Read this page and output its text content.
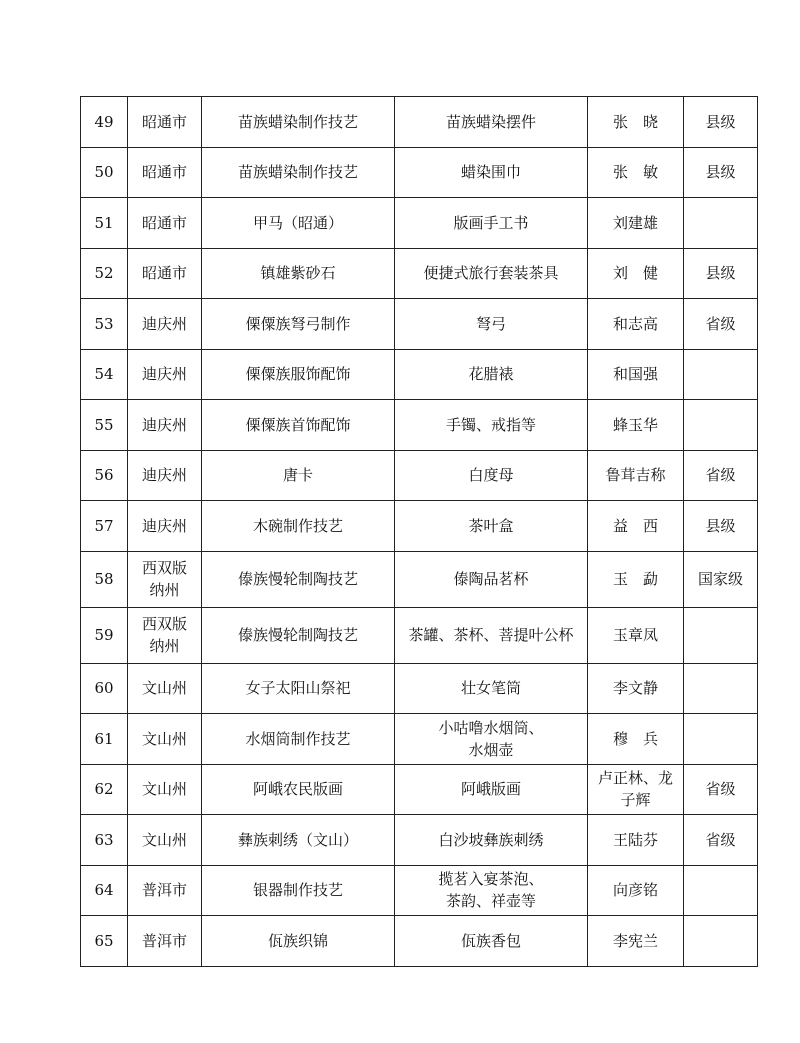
49	昭通市	苗族蜡染制作技艺	苗族蜡染摆件	张　晓	县级
50	昭通市	苗族蜡染制作技艺	蜡染围巾	张　敏	县级
51	昭通市	甲马（昭通）	版画手工书	刘建雄	
52	昭通市	镇雄紫砂石	便捷式旅行套装茶具	刘　健	县级
53	迪庆州	傈僳族弩弓制作	弩弓	和志高	省级
54	迪庆州	傈僳族服饰配饰	花腊裱	和国强	
55	迪庆州	傈僳族首饰配饰	手镯、戒指等	蜂玉华	
56	迪庆州	唐卡	白度母	鲁茸吉称	省级
57	迪庆州	木碗制作技艺	茶叶盒	益　西	县级
58	西双版
纳州	傣族慢轮制陶技艺	傣陶品茗杯	玉　勐	国家级
59	西双版
纳州	傣族慢轮制陶技艺	茶罐、茶杯、菩提叶公杯	玉章凤	
60	文山州	女子太阳山祭祀	壮女笔筒	李文静	
61	文山州	水烟筒制作技艺	小咕噜水烟筒、
水烟壶	穆　兵	
62	文山州	阿峨农民版画	阿峨版画	卢正林、龙
子辉	省级
63	文山州	彝族刺绣（文山）	白沙坡彝族刺绣	王陆芬	省级
64	普洱市	银器制作技艺	揽茗入宴茶泡、
茶韵、祥壶等	向彦铭	
65	普洱市	佤族织锦	佤族香包	李宪兰	
